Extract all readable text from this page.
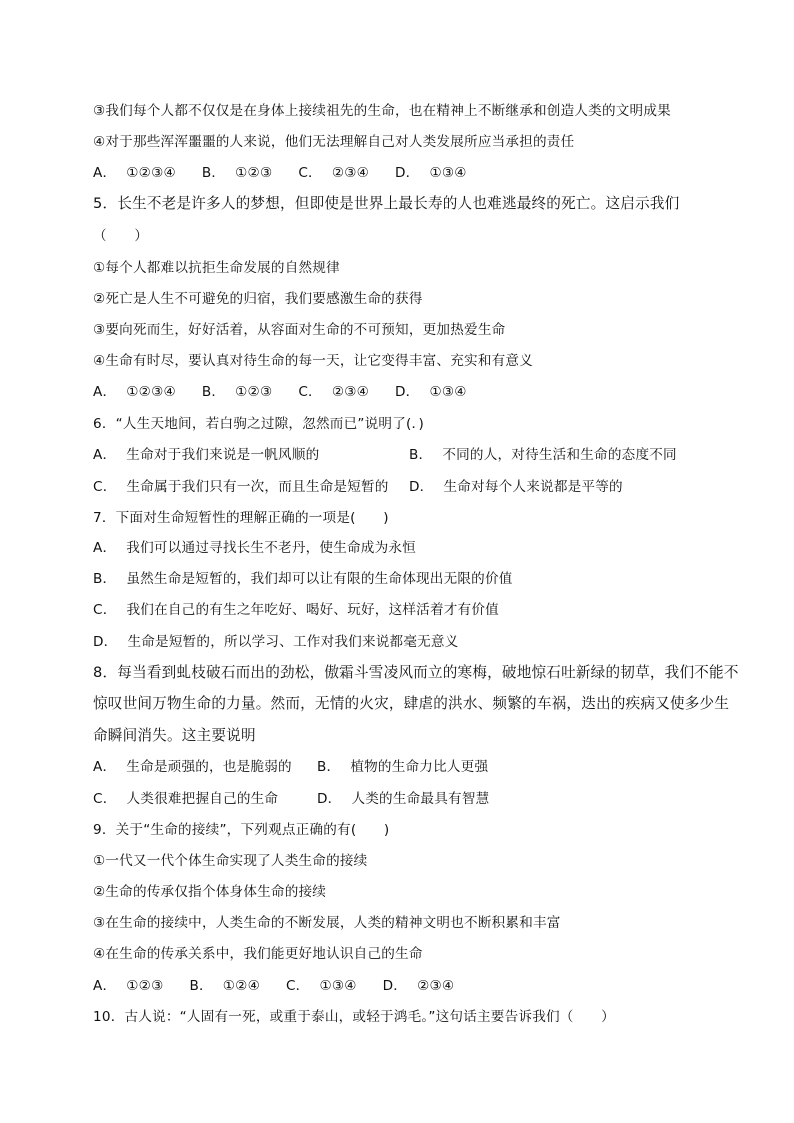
③我们每个人都不仅仅是在身体上接续祖先的生命，也在精神上不断继承和创造人类的文明成果
④对于那些浑浑噩噩的人来说，他们无法理解自己对人类发展所应当承担的责任
A． ①②③④ B． ①②③ C． ②③④ D． ①③④
5．长生不老是许多人的梦想，但即使是世界上最长寿的人也难逃最终的死亡。这启示我们
（　　）
①每个人都难以抗拒生命发展的自然规律
②死亡是人生不可避免的归宿，我们要感激生命的获得
③要向死而生，好好活着，从容面对生命的不可预知，更加热爱生命
④生命有时尽，要认真对待生命的每一天，让它变得丰富、充实和有意义
A． ①②③④ B． ①②③ C． ②③④ D． ①③④
6．“人生天地间，若白驹之过隙，忽然而已”说明了(．)
A． 生命对于我们来说是一帆风顺的	B． 不同的人，对待生活和生命的态度不同
C． 生命属于我们只有一次，而且生命是短暂的 D． 生命对每个人来说都是平等的
7．下面对生命短暂性的理解正确的一项是(　　)
A． 我们可以通过寻找长生不老丹，使生命成为永恒
B． 虽然生命是短暂的，我们却可以让有限的生命体现出无限的价值
C． 我们在自己的有生之年吃好、喝好、玩好，这样活着才有价值
D． 生命是短暂的，所以学习、工作对我们来说都毫无意义
8．每当看到虬枝破石而出的劲松，傲霜斗雪凌风而立的寒梅，破地惊石吐新绿的韧草，我们不能不
惊叹世间万物生命的力量。然而，无情的火灾，肆虐的洪水、频繁的车祸，迭出的疾病又使多少生
命瞬间消失。这主要说明
A． 生命是顽强的，也是脆弱的 B． 植物的生命力比人更强
C． 人类很难把握自己的生命	D． 人类的生命最具有智慧
9．关于“生命的接续”，下列观点正确的有(　　)
①一代又一代个体生命实现了人类生命的接续
②生命的传承仅指个体身体生命的接续
③在生命的接续中，人类生命的不断发展，人类的精神文明也不断积累和丰富
④在生命的传承关系中，我们能更好地认识自己的生命
A． ①②③ B． ①②④ C． ①③④ D． ②③④
10．古人说：“人固有一死，或重于泰山，或轻于鸿毛。”这句话主要告诉我们（　　）
